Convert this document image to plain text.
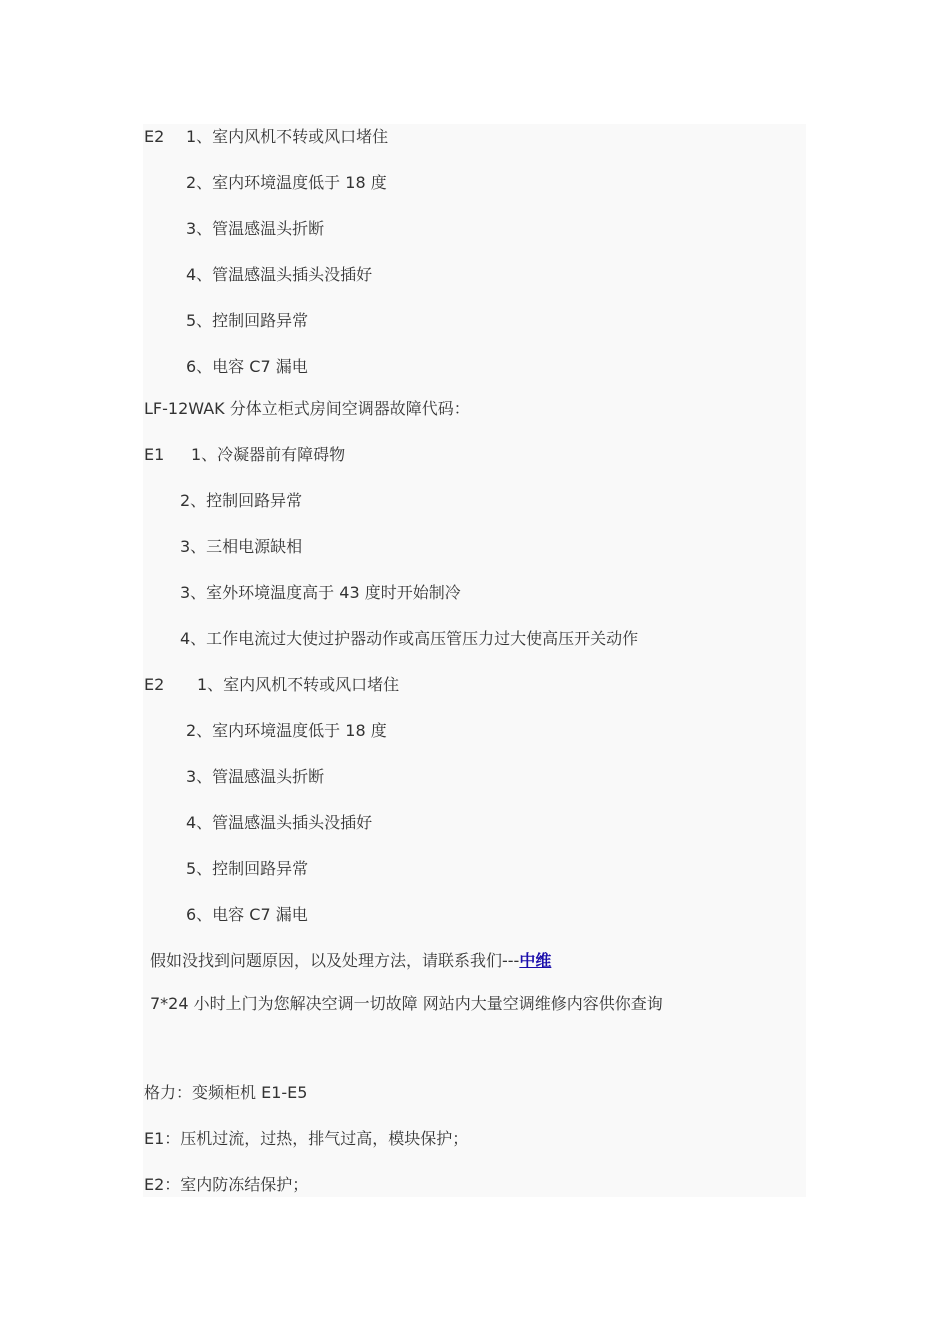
E2 1、室内风机不转或风口堵住
2、室内环境温度低于 18 度
3、管温感温头折断
4、管温感温头插头没插好
5、控制回路异常
6、电容 C7 漏电
LF-12WAK 分体立柜式房间空调器故障代码：
E1 1、冷凝器前有障碍物
2、控制回路异常
3、三相电源缺相
3、室外环境温度高于 43 度时开始制冷
4、工作电流过大使过护器动作或高压管压力过大使高压开关动作
E2 1、室内风机不转或风口堵住
2、室内环境温度低于 18 度
3、管温感温头折断
4、管温感温头插头没插好
5、控制回路异常
6、电容 C7 漏电
假如没找到问题原因，以及处理方法，请联系我们---中维
7*24 小时上门为您解决空调一切故障 网站内大量空调维修内容供你查询
格力：变频柜机 E1-E5
E1：压机过流，过热，排气过高，模块保护；
E2：室内防冻结保护；
